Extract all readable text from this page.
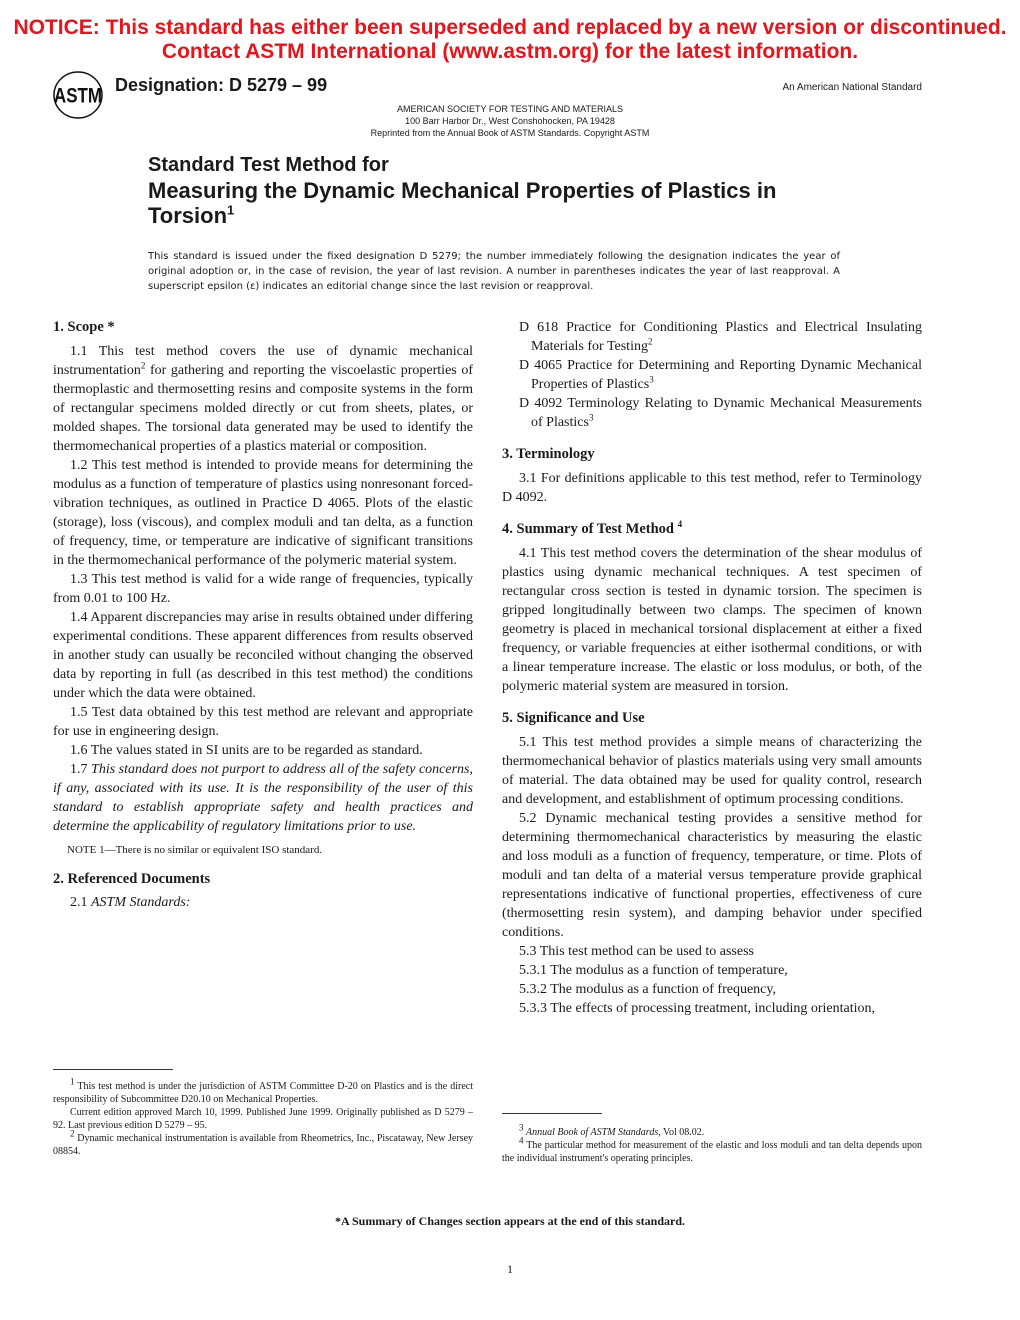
NOTICE: This standard has either been superseded and replaced by a new version or discontinued.
Contact ASTM International (www.astm.org) for the latest information.
ASTM Designation: D 5279 – 99	An American National Standard
AMERICAN SOCIETY FOR TESTING AND MATERIALS
100 Barr Harbor Dr., West Conshohocken, PA 19428
Reprinted from the Annual Book of ASTM Standards. Copyright ASTM
Standard Test Method for
Measuring the Dynamic Mechanical Properties of Plastics in
Torsion$^1$
This standard is issued under the fixed designation D 5279; the number immediately following the designation indicates the year of original adoption or, in the case of revision, the year of last revision. A number in parentheses indicates the year of last reapproval. A superscript epsilon (ε) indicates an editorial change since the last revision or reapproval.

1. Scope *

1.1 This test method covers the use of dynamic mechanical instrumentation$^2$ for gathering and reporting the viscoelastic properties of thermoplastic and thermosetting resins and composite systems in the form of rectangular specimens molded directly or cut from sheets, plates, or molded shapes. The torsional data generated may be used to identify the thermomechanical properties of a plastics material or composition.

1.2 This test method is intended to provide means for determining the modulus as a function of temperature of plastics using nonresonant forced-vibration techniques, as outlined in Practice D 4065. Plots of the elastic (storage), loss (viscous), and complex moduli and tan delta, as a function of frequency, time, or temperature are indicative of significant transitions in the thermomechanical performance of the polymeric material system.

1.3 This test method is valid for a wide range of frequencies, typically from 0.01 to 100 Hz.

1.4 Apparent discrepancies may arise in results obtained under differing experimental conditions. These apparent differences from results observed in another study can usually be reconciled without changing the observed data by reporting in full (as described in this test method) the conditions under which the data were obtained.

1.5 Test data obtained by this test method are relevant and appropriate for use in engineering design.

1.6 The values stated in SI units are to be regarded as standard.

1.7 This standard does not purport to address all of the safety concerns, if any, associated with its use. It is the responsibility of the user of this standard to establish appropriate safety and health practices and determine the applicability of regulatory limitations prior to use.

NOTE 1—There is no similar or equivalent ISO standard.

2. Referenced Documents

2.1 ASTM Standards:

$^1$ This test method is under the jurisdiction of ASTM Committee D-20 on Plastics and is the direct responsibility of Subcommittee D20.10 on Mechanical Properties.

Current edition approved March 10, 1999. Published June 1999. Originally published as D 5279 – 92. Last previous edition D 5279 – 95.

$^2$ Dynamic mechanical instrumentation is available from Rheometrics, Inc., Piscataway, New Jersey 08854.

D 618 Practice for Conditioning Plastics and Electrical Insulating Materials for Testing$^2$

D 4065 Practice for Determining and Reporting Dynamic Mechanical Properties of Plastics$^3$

D 4092 Terminology Relating to Dynamic Mechanical Measurements of Plastics$^3$

3. Terminology

3.1 For definitions applicable to this test method, refer to Terminology D 4092.

4. Summary of Test Method $^4$

4.1 This test method covers the determination of the shear modulus of plastics using dynamic mechanical techniques. A test specimen of rectangular cross section is tested in dynamic torsion. The specimen is gripped longitudinally between two clamps. The specimen of known geometry is placed in mechanical torsional displacement at either a fixed frequency, or variable frequencies at either isothermal conditions, or with a linear temperature increase. The elastic or loss modulus, or both, of the polymeric material system are measured in torsion.

5. Significance and Use

5.1 This test method provides a simple means of characterizing the thermomechanical behavior of plastics materials using very small amounts of material. The data obtained may be used for quality control, research and development, and establishment of optimum processing conditions.

5.2 Dynamic mechanical testing provides a sensitive method for determining thermomechanical characteristics by measuring the elastic and loss moduli as a function of frequency, temperature, or time. Plots of moduli and tan delta of a material versus temperature provide graphical representations indicative of functional properties, effectiveness of cure (thermosetting resin system), and damping behavior under specified conditions.

5.3 This test method can be used to assess

5.3.1 The modulus as a function of temperature,

5.3.2 The modulus as a function of frequency,

5.3.3 The effects of processing treatment, including orientation,

$^3$ Annual Book of ASTM Standards, Vol 08.02.

$^4$ The particular method for measurement of the elastic and loss moduli and tan delta depends upon the individual instrument's operating principles.

*A Summary of Changes section appears at the end of this standard.
1
